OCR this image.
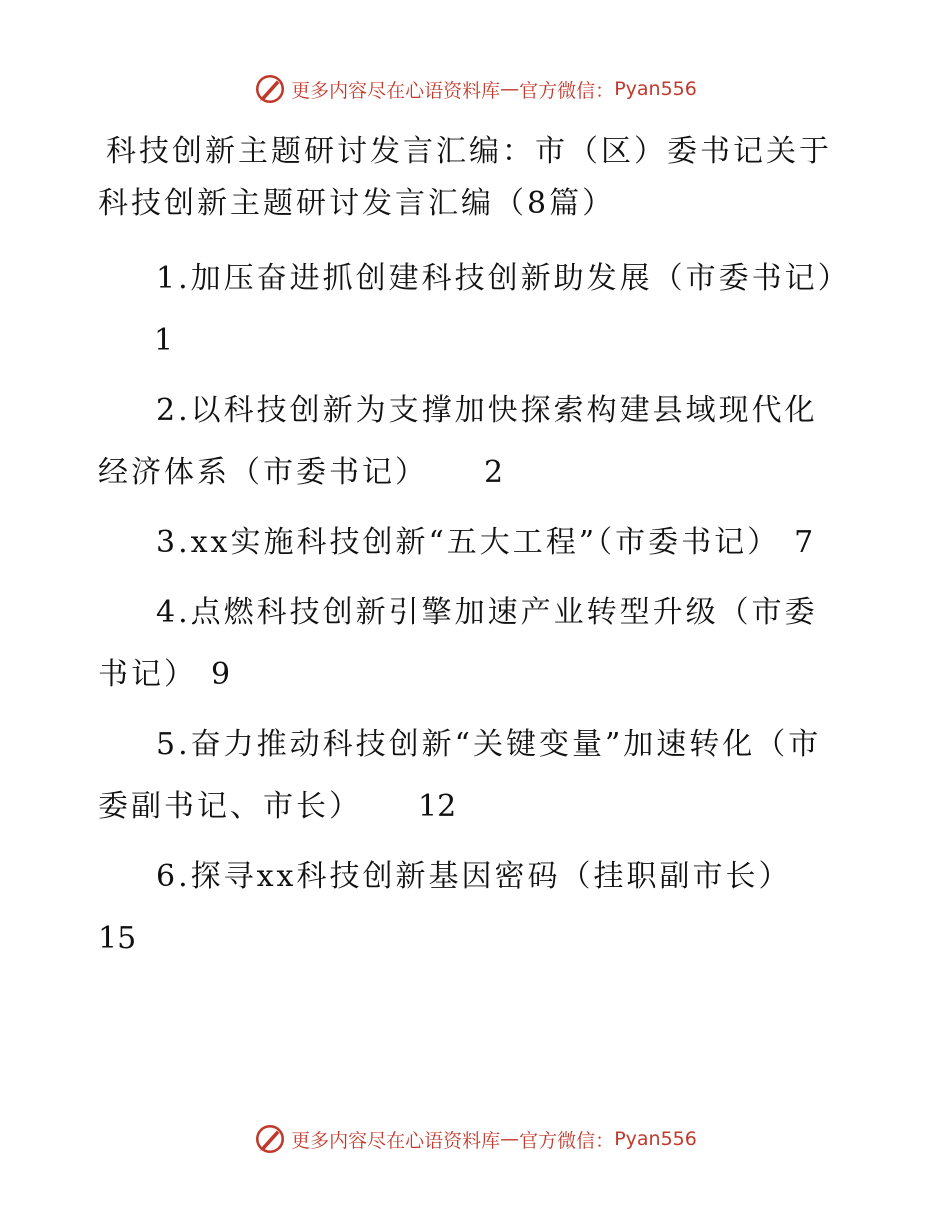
更多内容尽在心语资料库 — 官方微信： Pyan556
科技创新主题研讨发言汇编：市（区）委书记关于科技创新主题研讨发言汇编（8篇）
1.加压奋进抓创建科技创新助发展（市委书记）1
2.以科技创新为支撑加快探索构建县域现代化经济体系（市委书记） 2
3.xx实施科技创新“五大工程”（市委书记） 7
4.点燃科技创新引擎加速产业转型升级（市委书记） 9
5.奋力推动科技创新“关键变量”加速转化（市委副书记、市长） 12
6.探寻xx科技创新基因密码（挂职副市长）15
更多内容尽在心语资料库 — 官方微信： Pyan556
